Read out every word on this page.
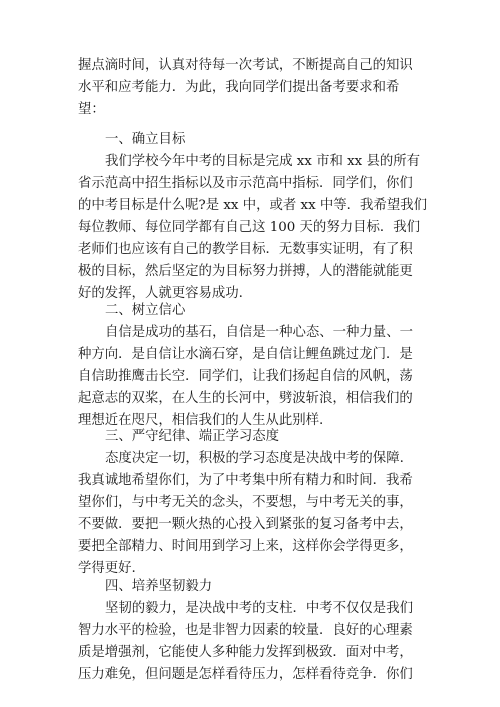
握点滴时间，认真对待每一次考试，不断提高自己的知识
水平和应考能力．为此，我向同学们提出备考要求和希
望：
一、确立目标
我们学校今年中考的目标是完成 xx 市和 xx 县的所有
省示范高中招生指标以及市示范高中指标．同学们，你们
的中考目标是什么呢?是 xx 中，或者 xx 中等．我希望我们
每位教师、每位同学都有自己这 100 天的努力目标．我们
老师们也应该有自己的教学目标．无数事实证明，有了积
极的目标，然后坚定的为目标努力拼搏，人的潜能就能更
好的发挥，人就更容易成功.
二、树立信心
自信是成功的基石，自信是一种心态、一种力量、一
种方向．是自信让水滴石穿，是自信让鲤鱼跳过龙门．是
自信助推鹰击长空．同学们，让我们扬起自信的风帆，荡
起意志的双桨，在人生的长河中，劈波斩浪，相信我们的
理想近在咫尺，相信我们的人生从此别样.
三、严守纪律、端正学习态度
态度决定一切，积极的学习态度是决战中考的保障.
我真诚地希望你们，为了中考集中所有精力和时间．我希
望你们，与中考无关的念头，不要想，与中考无关的事，
不要做．要把一颗火热的心投入到紧张的复习备考中去，
要把全部精力、时间用到学习上来，这样你会学得更多，
学得更好.
四、培养坚韧毅力
坚韧的毅力，是决战中考的支柱．中考不仅仅是我们
智力水平的检验，也是非智力因素的较量．良好的心理素
质是增强剂，它能使人多种能力发挥到极致．面对中考，
压力难免，但问题是怎样看待压力，怎样看待竞争．你们
